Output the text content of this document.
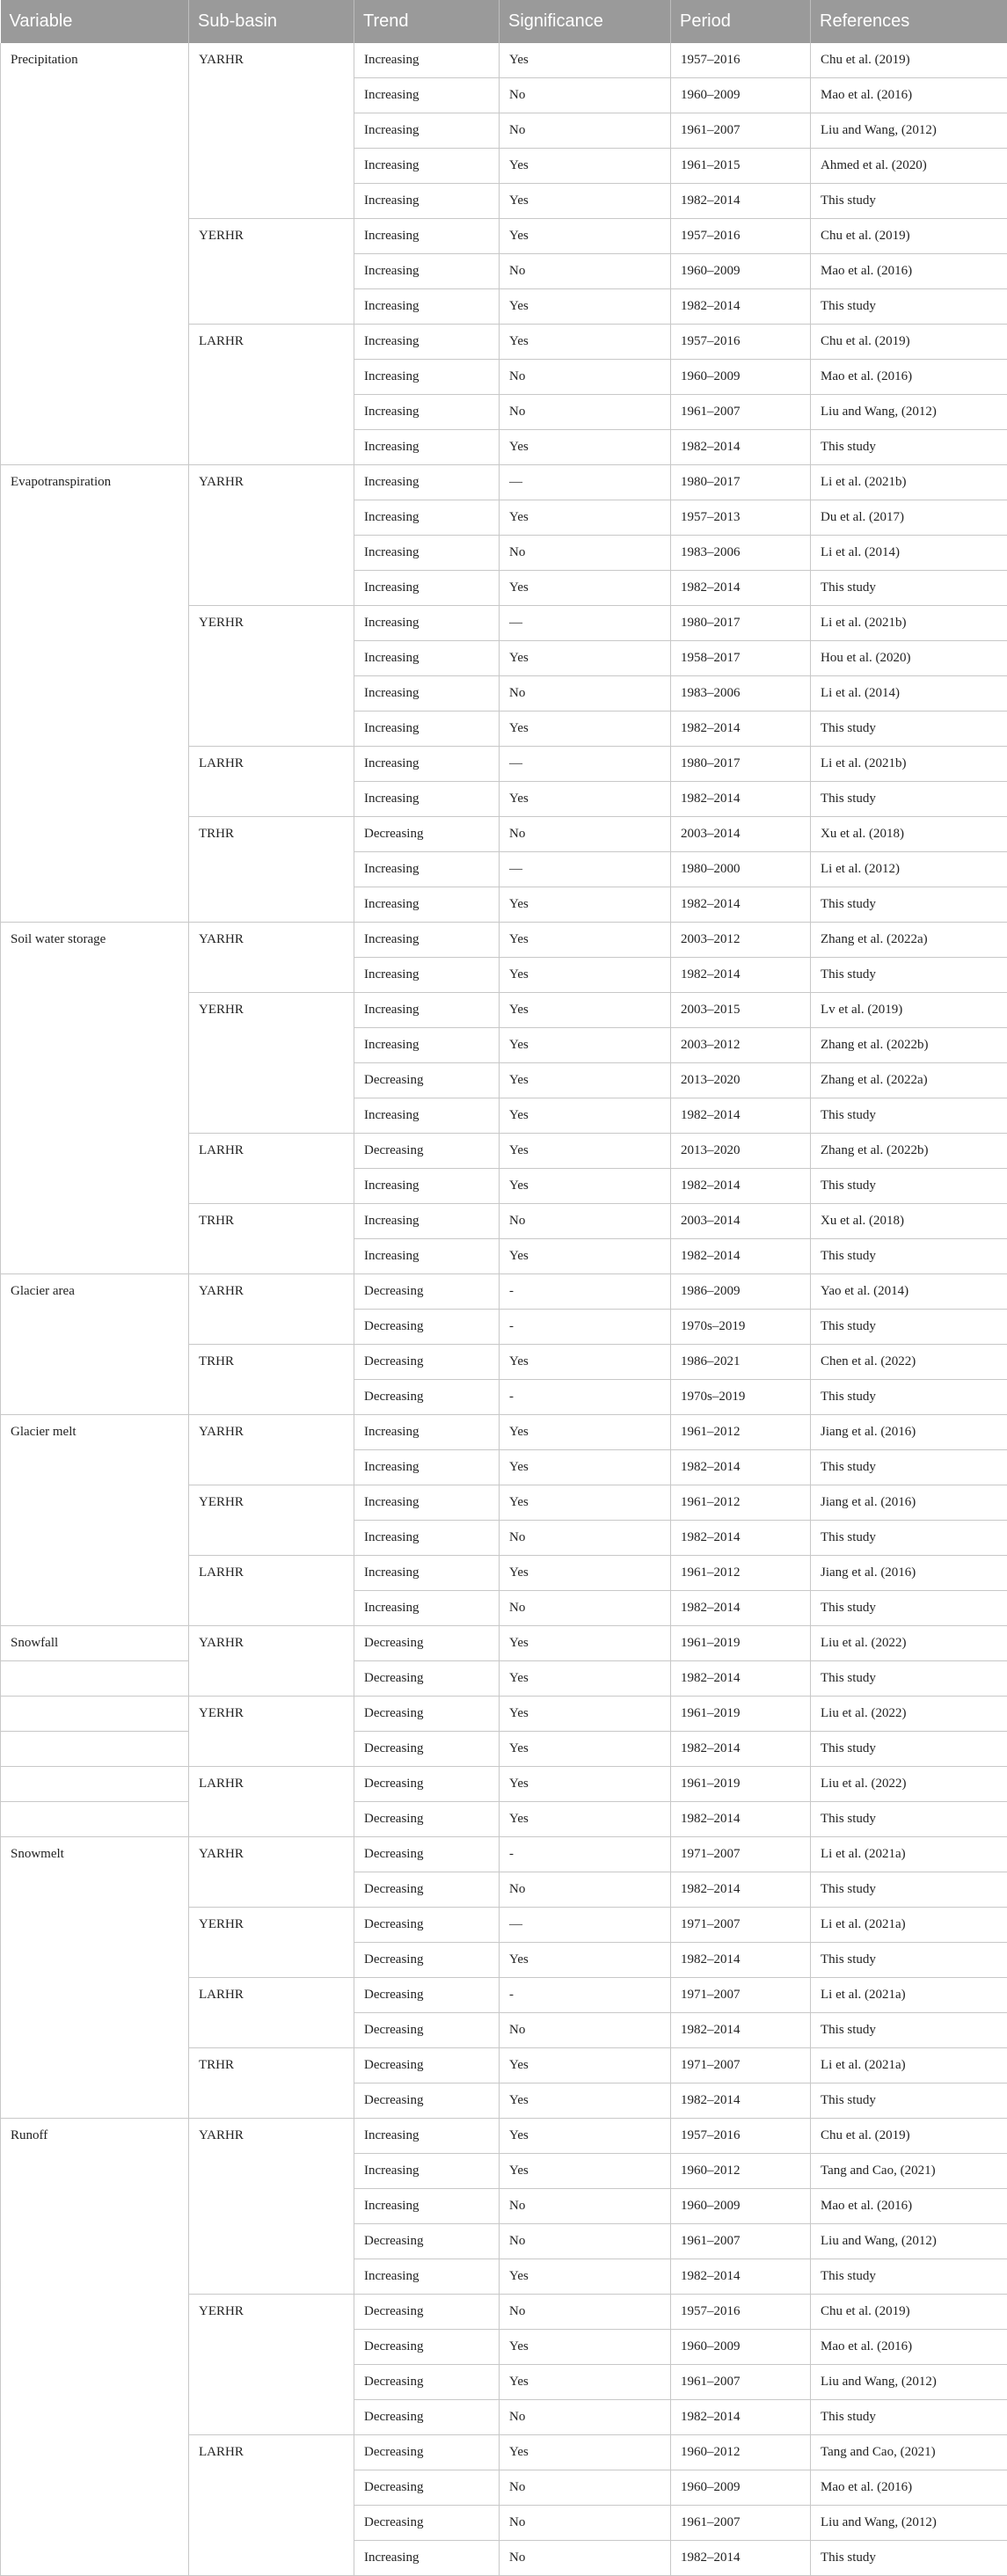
Variable	Sub-basin	Trend	Significance	Period	References
Precipitation	YARHR	Increasing	Yes	1957–2016	Chu et al. (2019)
		Increasing	No	1960–2009	Mao et al. (2016)
		Increasing	No	1961–2007	Liu and Wang, (2012)
		Increasing	Yes	1961–2015	Ahmed et al. (2020)
		Increasing	Yes	1982–2014	This study
	YERHR	Increasing	Yes	1957–2016	Chu et al. (2019)
		Increasing	No	1960–2009	Mao et al. (2016)
		Increasing	Yes	1982–2014	This study
	LARHR	Increasing	Yes	1957–2016	Chu et al. (2019)
		Increasing	No	1960–2009	Mao et al. (2016)
		Increasing	No	1961–2007	Liu and Wang, (2012)
		Increasing	Yes	1982–2014	This study
Evapotranspiration	YARHR	Increasing	—	1980–2017	Li et al. (2021b)
		Increasing	Yes	1957–2013	Du et al. (2017)
		Increasing	No	1983–2006	Li et al. (2014)
		Increasing	Yes	1982–2014	This study
	YERHR	Increasing	—	1980–2017	Li et al. (2021b)
		Increasing	Yes	1958–2017	Hou et al. (2020)
		Increasing	No	1983–2006	Li et al. (2014)
		Increasing	Yes	1982–2014	This study
	LARHR	Increasing	—	1980–2017	Li et al. (2021b)
		Increasing	Yes	1982–2014	This study
	TRHR	Decreasing	No	2003–2014	Xu et al. (2018)
		Increasing	—	1980–2000	Li et al. (2012)
		Increasing	Yes	1982–2014	This study
Soil water storage	YARHR	Increasing	Yes	2003–2012	Zhang et al. (2022a)
		Increasing	Yes	1982–2014	This study
	YERHR	Increasing	Yes	2003–2015	Lv et al. (2019)
		Increasing	Yes	2003–2012	Zhang et al. (2022b)
		Decreasing	Yes	2013–2020	Zhang et al. (2022a)
		Increasing	Yes	1982–2014	This study
	LARHR	Decreasing	Yes	2013–2020	Zhang et al. (2022b)
		Increasing	Yes	1982–2014	This study
	TRHR	Increasing	No	2003–2014	Xu et al. (2018)
		Increasing	Yes	1982–2014	This study
Glacier area	YARHR	Decreasing	-	1986–2009	Yao et al. (2014)
		Decreasing	-	1970s–2019	This study
	TRHR	Decreasing	Yes	1986–2021	Chen et al. (2022)
		Decreasing	-	1970s–2019	This study
Glacier melt	YARHR	Increasing	Yes	1961–2012	Jiang et al. (2016)
		Increasing	Yes	1982–2014	This study
	YERHR	Increasing	Yes	1961–2012	Jiang et al. (2016)
		Increasing	No	1982–2014	This study
	LARHR	Increasing	Yes	1961–2012	Jiang et al. (2016)
		Increasing	No	1982–2014	This study
Snowfall	YARHR	Decreasing	Yes	1961–2019	Liu et al. (2022)
		Decreasing	Yes	1982–2014	This study
	YERHR	Decreasing	Yes	1961–2019	Liu et al. (2022)
		Decreasing	Yes	1982–2014	This study
	LARHR	Decreasing	Yes	1961–2019	Liu et al. (2022)
		Decreasing	Yes	1982–2014	This study
Snowmelt	YARHR	Decreasing	-	1971–2007	Li et al. (2021a)
		Decreasing	No	1982–2014	This study
	YERHR	Decreasing	—	1971–2007	Li et al. (2021a)
		Decreasing	Yes	1982–2014	This study
	LARHR	Decreasing	-	1971–2007	Li et al. (2021a)
		Decreasing	No	1982–2014	This study
	TRHR	Decreasing	Yes	1971–2007	Li et al. (2021a)
		Decreasing	Yes	1982–2014	This study
Runoff	YARHR	Increasing	Yes	1957–2016	Chu et al. (2019)
		Increasing	Yes	1960–2012	Tang and Cao, (2021)
		Increasing	No	1960–2009	Mao et al. (2016)
		Decreasing	No	1961–2007	Liu and Wang, (2012)
		Increasing	Yes	1982–2014	This study
	YERHR	Decreasing	No	1957–2016	Chu et al. (2019)
		Decreasing	Yes	1960–2009	Mao et al. (2016)
		Decreasing	Yes	1961–2007	Liu and Wang, (2012)
		Decreasing	No	1982–2014	This study
	LARHR	Decreasing	Yes	1960–2012	Tang and Cao, (2021)
		Decreasing	No	1960–2009	Mao et al. (2016)
		Decreasing	No	1961–2007	Liu and Wang, (2012)
		Increasing	No	1982–2014	This study
